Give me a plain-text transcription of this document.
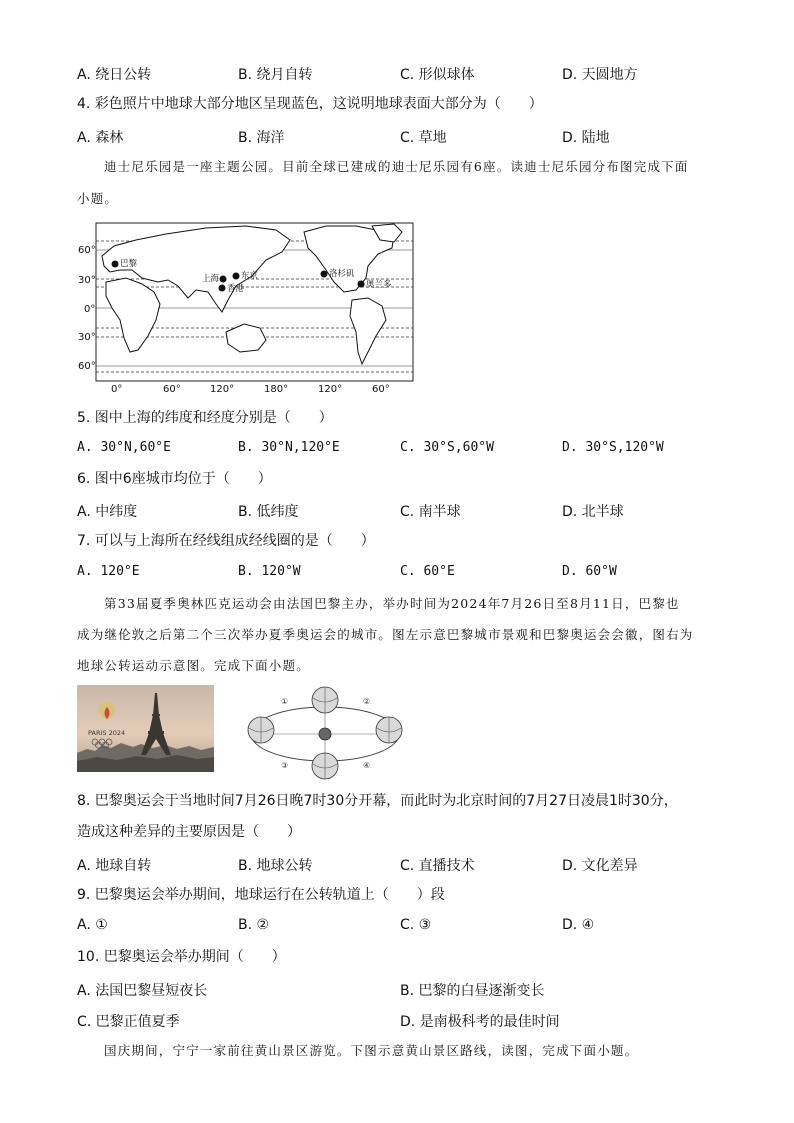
A. 绕日公转	B. 绕月自转	C. 形似球体	D. 天圆地方
4. 彩色照片中地球大部分地区呈现蓝色，这说明地球表面大部分为（　　）
A. 森林	B. 海洋	C. 草地	D. 陆地
迪士尼乐园是一座主题公园。目前全球已建成的迪士尼乐园有6座。读迪士尼乐园分布图完成下面
小题。
60°
30°
0°
30°
60°
0°	60°	120°	180°	120°	60°
巴黎
上海	东京
香港
洛杉矶
奥兰多
5. 图中上海的纬度和经度分别是（　　）
A. 30°N,60°E	B. 30°N,120°E	C. 30°S,60°W	D. 30°S,120°W
6. 图中6座城市均位于（　　）
A. 中纬度	B. 低纬度	C. 南半球	D. 北半球
7. 可以与上海所在经线组成经线圈的是（　　）
A. 120°E	B. 120°W	C. 60°E	D. 60°W
第33届夏季奥林匹克运动会由法国巴黎主办，举办时间为2024年7月26日至8月11日，巴黎也
成为继伦敦之后第二个三次举办夏季奥运会的城市。图左示意巴黎城市景观和巴黎奥运会会徽，图右为
地球公转运动示意图。完成下面小题。
PARIS 2024
①	②
③	④
8. 巴黎奥运会于当地时间7月26日晚7时30分开幕，而此时为北京时间的7月27日凌晨1时30分，
造成这种差异的主要原因是（　　）
A. 地球自转	B. 地球公转	C. 直播技术	D. 文化差异
9. 巴黎奥运会举办期间，地球运行在公转轨道上（　　）段
A. ①	B. ②	C. ③	D. ④
10. 巴黎奥运会举办期间（　　）
A. 法国巴黎昼短夜长	B. 巴黎的白昼逐渐变长
C. 巴黎正值夏季	D. 是南极科考的最佳时间
国庆期间，宁宁一家前往黄山景区游览。下图示意黄山景区路线，读图，完成下面小题。
